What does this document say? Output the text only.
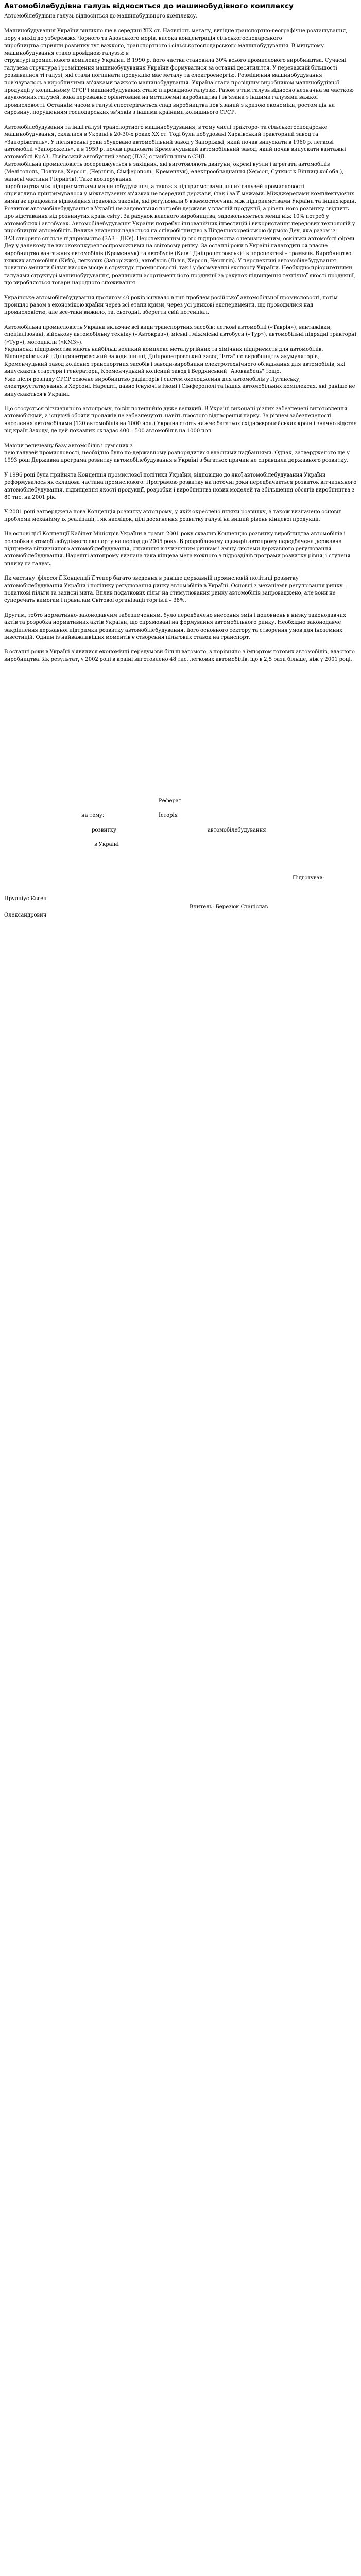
Автомобілебудівна галузь відноситься до машинобудівного комплексу

Автомобілебудівна галузь відноситься до машинобудівного комплексу.

Машинобудування України виникло ще в середині XIX ст. Наявність металу, вигідне транспортно-географічне розташування, поруч вихід до узбережжя Чорного та Азовського морів, висока концентрація сільськогосподарського
виробництва сприяли розвитку тут важкого, транспортного і сільськогосподарського машинобудування. В минулому машинобудування стало провідною галуззю в
структурі промислового комплексу України. В 1990 р. його частка становила 30% всього промислового виробництва. Сучасні галузева структура і розміщення машинобудування України формувалися за останні десятиліття. У переважній більшості розвивалися ті галузі, які стали поглинати продукцію мас металу та електроенергію. Розміщення машинобудування пов'язувалось з виробничими зв'язками важкого машинобудування. Україна стала провідним виробником машинобудівної продукції у колишньому СРСР і машинобудування стало її провідною галуззю. Разом з тим галузь відносно незначна за часткою наукоємних галузей, вона переважно орієнтована на металоємні виробництва і зв'язана з іншими галузями важкої промисловості. Останнім часом в галузі спостерігається спад виробництва пов'язаний з кризою економіки, ростом цін на сировину, порушенням господарських зв'язків з іншими країнами колишнього СРСР.

Автомобілебудування та інші галузі транспортного машинобудування, в тому числі тракторо- та сільськогосподарське машинобудування, склалися в Україні в 20-30-х роках XX ст. Тоді були побудовані Харківський тракторний завод та «Запоріжсталь». У післявоєнні роки збудовано автомобільний завод у Запоріжжі, який почав випускати в 1960 р. легкові автомобілі «Запорожець», а в 1959 р. почав працювати Кременчуцький автомобільний завод, який почав випускати вантажні автомобілі КрАЗ. Львівський автобусний завод (ЛАЗ) є найбільшим в СНД.
Автомобільна промисловість зосереджується в західних, які виготовляють двигуни, окремі вузли і агрегати автомобілів (Мелітополь, Полтава, Херсон, (Чернігів, Сімферополь, Кременчук), електрообладнання (Херсон, Суткиськ Вінницької обл.), запасні частини (Чернігів). Таке кооперування
виробництва між підприємствами машинобудування, а також з підприємствами інших галузей промисловості
сприятливо притримувалося у міжгалузевих зв'язках не всередині держави, (так і за її межами. Міжджерелами комплектуючих вимагає працювати відповідних правових законів, які регулювали б взаємостосунки між підприємствами України та інших країн. Розвиток автомобілебудування в Україні не задовольняє потреби держави у власній продукції, а рівень його розвитку свідчить про відставання від розвинутих країн світу. За рахунок власного виробництва, задовольняється менш ніж 10% потреб у автомобілях і автобусах. Автомобілебудування України потребує інноваційних інвестицій і використання передових технологій у виробництві автомобілів. Велике значення надається на співробітництво з Південнокорейською фірмою Деу, яка разом із
ЗАЗ створило спільне підприємство (ЗАЗ – ДЕУ). Перспективним цього підприємства є невизначеним, оскільки автомобілі фірми Деу у далекому не висококонкурентоспроможними на світовому ринку. За останні роки в Україні налагодиться власне виробництво вантажних автомобілів (Кременчук) та автобусів (Київ і Дніпропетровськ) і в перспективі – трамваїв. Виробництво тяжких автомобілів (Київ), легкових (Запоріжжя), автобусів (Львів, Херсон, Чернігів). У перспективі автомобілебудування
повинно змінити більш високе місце в структурі промисловості, так і у формуванні експорту України. Необхідно пріоритетними галузями структурі машинобудування, розширити асортимент його продукції за рахунок підвищення технічної якості продукції, що виробляється товари народного споживання.

Українське автомобілебудування протягом 40 років існувало в тіні проблем російської автомобільної промисловості, потім пройшло разом з економікою країни через всі етапи кризи, через усі ринкові експерименти, що проводилися над промисловістю, але все-таки вижило, та, сьогодні, зберегти свій потенціал.

Автомобільна промисловість України включає всі види транспортних засобів: легкові автомобілі («Таврія»), вантажівки, спеціалізовані, військову автомобільну техніку («Автокраз»), міські і міжміські автобуси («Тур»), автомобільні підрядні тракторні («Тур»), мотоцикли («КМЗ»).
Українські підприємства мають найбільш великий комплекс металургійних та хімічних підприємств для автомобілів. Білоцерківський і Дніпропетровський заводи шинні, Дніпропетровський завод "Ічта" по виробництву акумуляторів, Кременчуцький завод колісних транспортних засобів і заводи-виробники електротехнічного обладнання для автомобілів, які випускають стартери і генератори, Кременчуцький колісний завод і Бердянський "Азовкабель" тощо.
Уже після розпаду СРСР освоєне виробництво радіаторів і систем охолодження для автомобілів у Луганську, електроустаткування в Херсоні. Нарешті, давно існуючі в Ізюмі і Сімферополі та інших автомобільних комплексах, які раніше не випускаються в Україні.

Що стосується вітчизняного автопрому, то він потенційно дуже великий. В Україні виконані різних забезпечені виготовлення автомобілями, а існуючі обсяги продажів не забезпечують навіть простого відтворення парку. За рівнем забезпеченості населення автомобілями (120 автомобілів на 1000 чол.) Україна стоїть нижче багатьох східноєвропейських країн і значно відстає від країн Заходу, де цей показник складає 400 – 500 автомобілів на 1000 чол.

Маючи величезну базу автомобілів і сумісних з
нею галузей промисловості, необхідно було по-державному розпорядитися власними надбаннями. Однак, затвердженого ще у 1993 році Державна програма розвитку автомобілебудування в Україні з багатьох причин не справдила державного розвитку.

У 1996 році була прийнята Концепція промислової політики України, відповідно до якої автомобілебудування України реформувалось як складова частина промислового. Програмою розвитку на поточні роки передбачається розвиток вітчизняного автомобілебудування, підвищення якості продукції, розробки і виробництва нових моделей та збільшення обсягів виробництва з 80 тис. на 2001 рік.

У 2001 році затверджена нова Концепція розвитку автопрому, у якій окреслено шляхи розвитку, а також визначено основні проблеми механізму їх реалізації, і як наслідок, цілі досягнення розвитку галузі на вищий рівень кінцевої продукції.

На основі цієї Концепції Кабінет Міністрів України в травні 2001 року схвалив Концепцію розвитку виробництва автомобілів і розробки автомобілебудівного експорту на період до 2005 року. В розробленому сценарії автопрому передбачена державна підтримка вітчизняного автомобілебудування, сприяння вітчизняним ринкам і зміну системи державного регулювання автомобілебудування. Нарешті автопрому визнана така кінцева мета кожного з підрозділів програми розвитку рівня, і ступеня впливу на галузь.

Як частину  філосогії Концепції її тепер багато зведення в раніше державній промисловій політиці розвитку автомобілебудування України і політику регулювання ринку автомобілів в Україні. Основні з механізмів регулювання ринку – податкові пільги та захисні мита. Вплив податкових пільг на стимулювання ринку автомобілів запроваджено, але вони не суперечать вимогам і правилам Світової організації торгівлі – 38%.

Другим, тобто нормативно-законодавчим забезпеченням, було передбачено внесення змін і доповнень в низку законодавчих актів та розробка нормативних актів України, що спрямовані на формування автомобільного ринку. Необхідно законодавче закріплення державної підтримки розвитку автомобілебудування, його основного сектору та створення умов для іноземних інвестицій. Одним із найважливіших моментів є створення пільгових ставок на транспорт.

В останні роки в Україні з'явилися економічні передумови більш вагомого, з порівняно з імпортом готових автомобілів, власного виробництва. Як результат, у 2002 році в країні виготовлено 48 тис. легкових автомобілів, що в 2,5 рази більше, ніж у 2001 році.

Реферат
на тему:	Історія
розвитку	автомобілебудування
в Україні
Підготував:
Прудніус Євген
Вчитель: Березюк Станіслав
Олександрович
